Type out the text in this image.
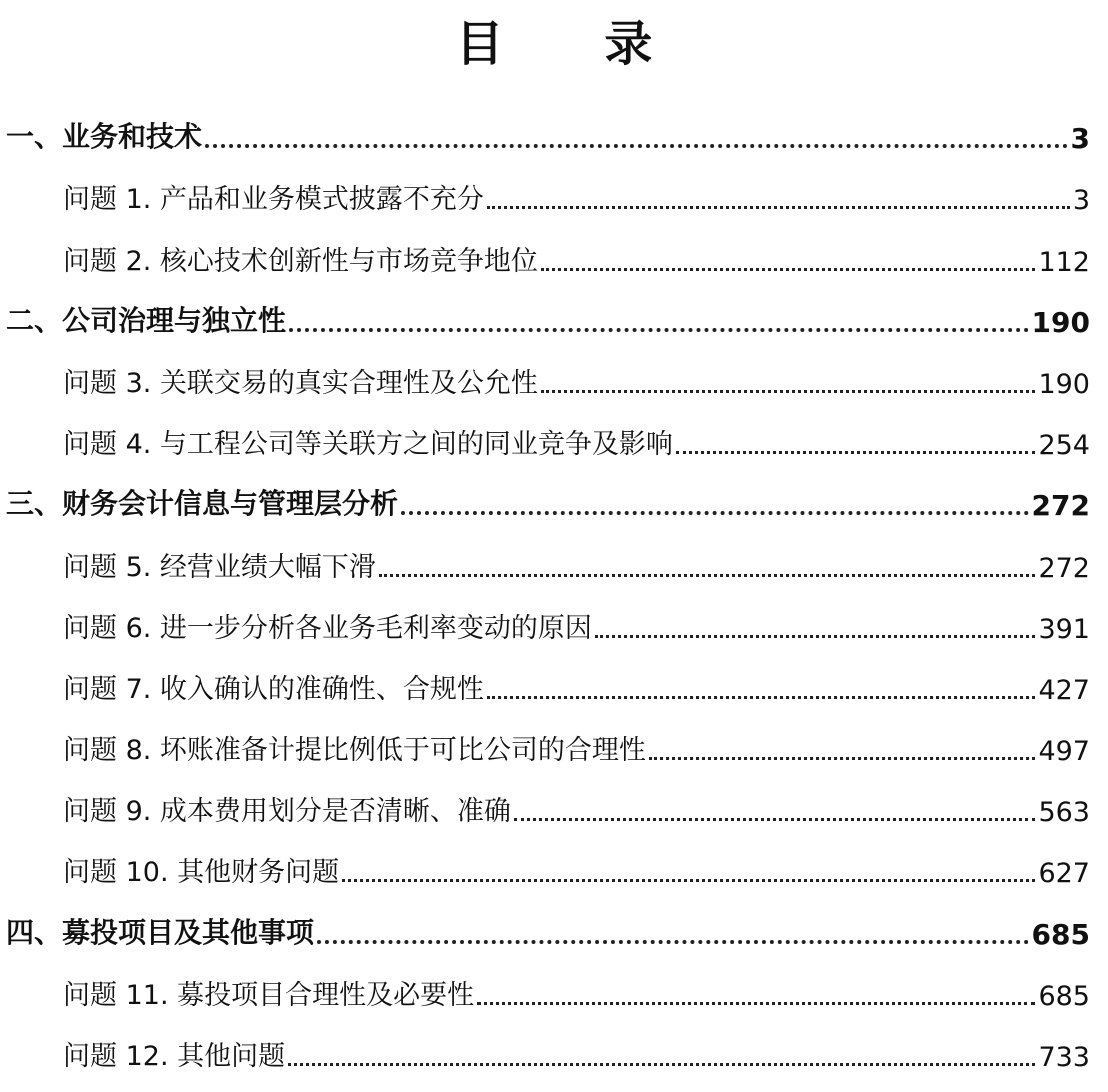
目 录
一、业务和技术	3
问题 1. 产品和业务模式披露不充分	3
问题 2. 核心技术创新性与市场竞争地位	112
二、公司治理与独立性	190
问题 3. 关联交易的真实合理性及公允性	190
问题 4. 与工程公司等关联方之间的同业竞争及影响	254
三、财务会计信息与管理层分析	272
问题 5. 经营业绩大幅下滑	272
问题 6. 进一步分析各业务毛利率变动的原因	391
问题 7. 收入确认的准确性、合规性	427
问题 8. 坏账准备计提比例低于可比公司的合理性	497
问题 9. 成本费用划分是否清晰、准确	563
问题 10. 其他财务问题	627
四、募投项目及其他事项	685
问题 11. 募投项目合理性及必要性	685
问题 12. 其他问题	733
